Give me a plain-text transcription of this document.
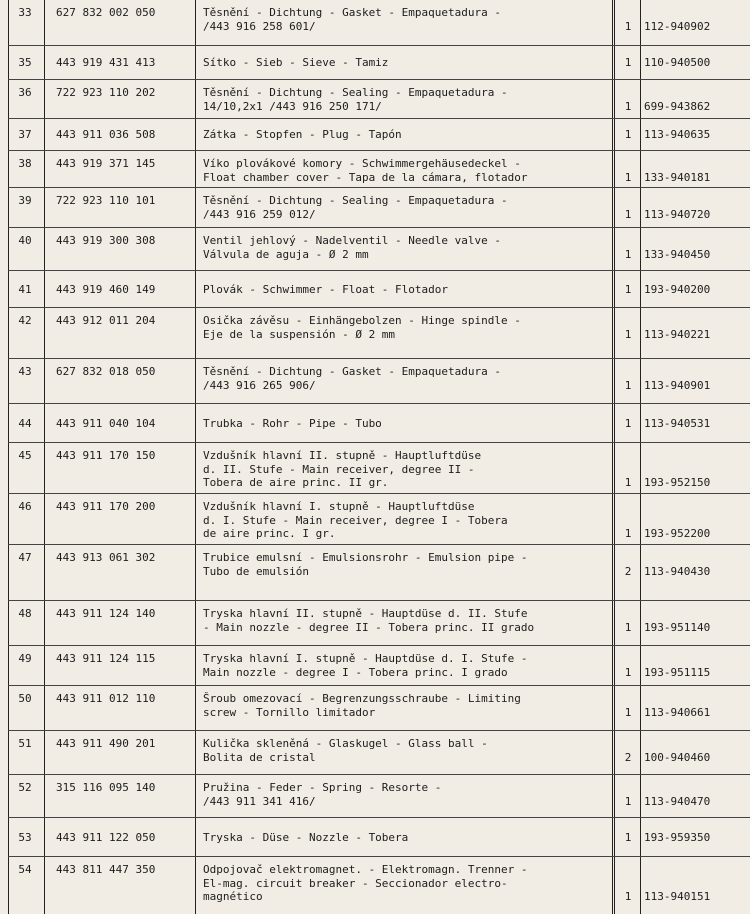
33	627 832 002 050	Těsnění - Dichtung - Gasket - Empaquetadura -
/443 916 258 601/	1	112-940902
35	443 919 431 413	Sítko - Sieb - Sieve - Tamiz	1	110-940500
36	722 923 110 202	Těsnění - Dichtung - Sealing - Empaquetadura -
14/10,2x1 /443 916 250 171/	1	699-943862
37	443 911 036 508	Zátka - Stopfen - Plug - Tapón	1	113-940635
38	443 919 371 145	Víko plovákové komory - Schwimmergehäusedeckel -
Float chamber cover - Tapa de la cámara, flotador	1	133-940181
39	722 923 110 101	Těsnění - Dichtung - Sealing - Empaquetadura -
/443 916 259 012/	1	113-940720
40	443 919 300 308	Ventil jehlový - Nadelventil - Needle valve -
Válvula de aguja - Ø 2 mm	1	133-940450
41	443 919 460 149	Plovák - Schwimmer - Float - Flotador	1	193-940200
42	443 912 011 204	Osička závěsu - Einhängebolzen - Hinge spindle -
Eje de la suspensión - Ø 2 mm	1	113-940221
43	627 832 018 050	Těsnění - Dichtung - Gasket - Empaquetadura -
/443 916 265 906/	1	113-940901
44	443 911 040 104	Trubka - Rohr - Pipe - Tubo	1	113-940531
45	443 911 170 150	Vzdušník hlavní II. stupně - Hauptluftdüse
d. II. Stufe - Main receiver, degree II -
Tobera de aire princ. II gr.	1	193-952150
46	443 911 170 200	Vzdušník hlavní I. stupně - Hauptluftdüse
d. I. Stufe - Main receiver, degree I - Tobera
de aire princ. I gr.	1	193-952200
47	443 913 061 302	Trubice emulsní - Emulsionsrohr - Emulsion pipe -
Tubo de emulsión	2	113-940430
48	443 911 124 140	Tryska hlavní II. stupně - Hauptdüse d. II. Stufe
- Main nozzle - degree II - Tobera princ. II grado	1	193-951140
49	443 911 124 115	Tryska hlavní I. stupně - Hauptdüse d. I. Stufe -
Main nozzle - degree I - Tobera princ. I grado	1	193-951115
50	443 911 012 110	Šroub omezovací - Begrenzungsschraube - Limiting
screw - Tornillo limitador	1	113-940661
51	443 911 490 201	Kulička skleněná - Glaskugel - Glass ball -
Bolita de cristal	2	100-940460
52	315 116 095 140	Pružina - Feder - Spring - Resorte -
/443 911 341 416/	1	113-940470
53	443 911 122 050	Tryska - Düse - Nozzle - Tobera	1	193-959350
54	443 811 447 350	Odpojovač elektromagnet. - Elektromagn. Trenner -
El-mag. circuit breaker - Seccionador electro-
magnético	1	113-940151
